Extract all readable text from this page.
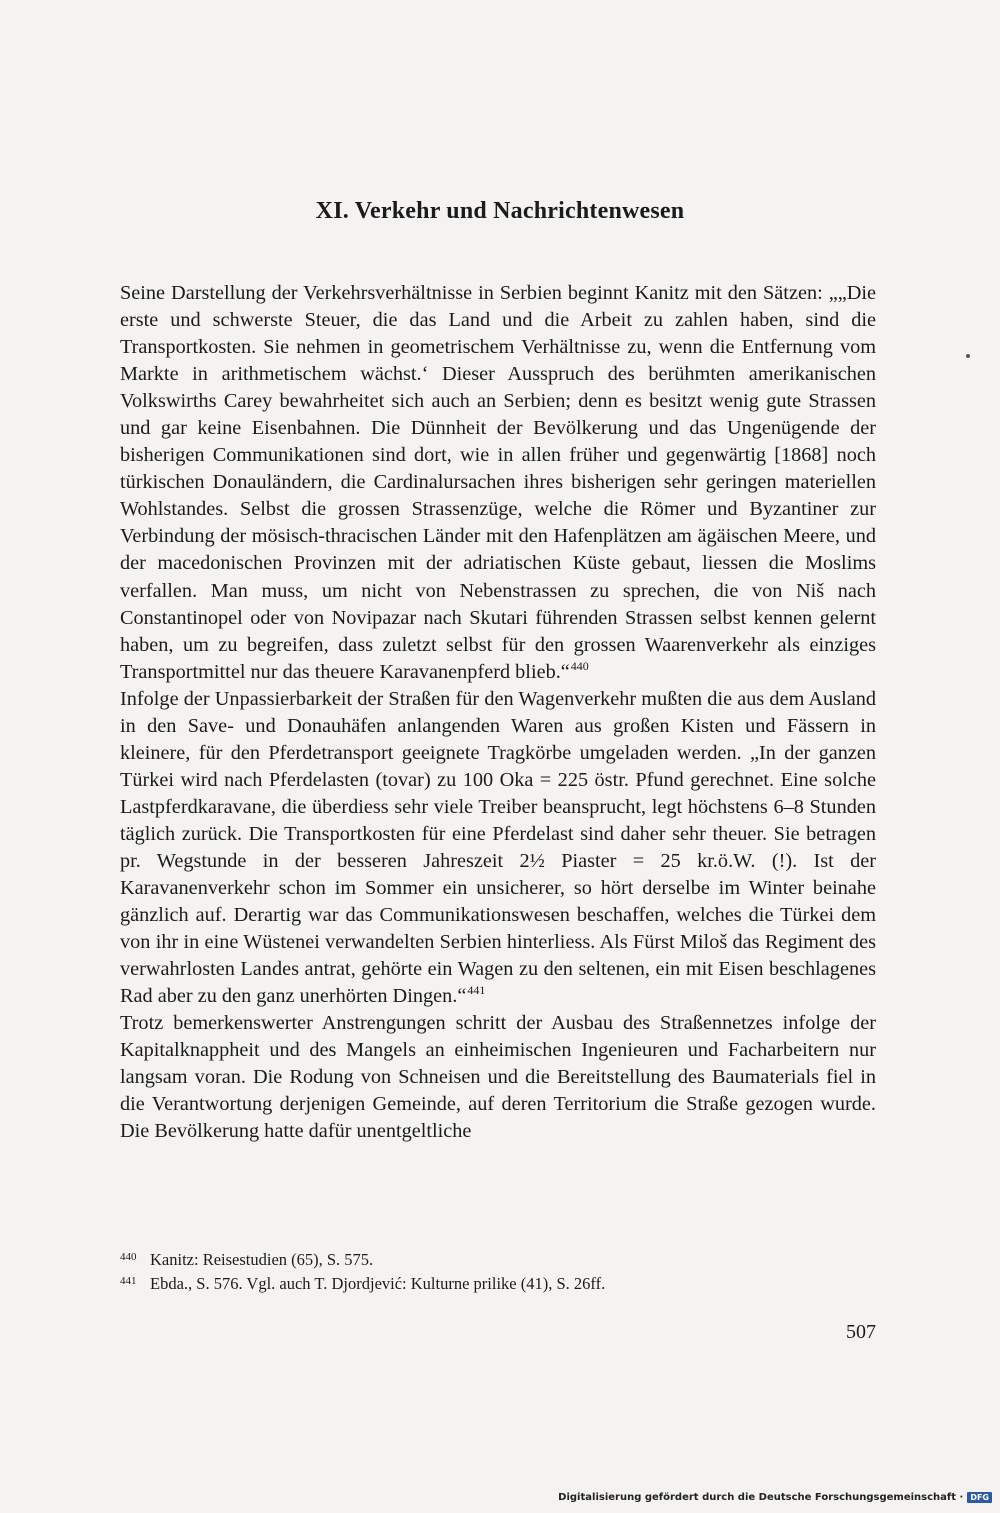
XI. Verkehr und Nachrichtenwesen

Seine Darstellung der Verkehrsverhältnisse in Serbien beginnt Kanitz mit den Sätzen: „„Die erste und schwerste Steuer, die das Land und die Arbeit zu zahlen haben, sind die Transportkosten. Sie nehmen in geometrischem Verhältnisse zu, wenn die Entfernung vom Markte in arithmetischem wächst.‘ Dieser Ausspruch des berühmten amerikanischen Volkswirths Carey bewahrheitet sich auch an Serbien; denn es besitzt wenig gute Strassen und gar keine Eisenbahnen. Die Dünnheit der Bevölkerung und das Ungenügende der bisherigen Communikationen sind dort, wie in allen früher und gegenwärtig [1868] noch türkischen Donauländern, die Cardinalursachen ihres bisherigen sehr geringen materiellen Wohlstandes. Selbst die grossen Strassenzüge, welche die Römer und Byzantiner zur Verbindung der mösisch-thracischen Länder mit den Hafenplätzen am ägäischen Meere, und der macedonischen Provinzen mit der adriatischen Küste gebaut, liessen die Moslims verfallen. Man muss, um nicht von Nebenstrassen zu sprechen, die von Niš nach Constantinopel oder von Novipazar nach Skutari führenden Strassen selbst kennen gelernt haben, um zu begreifen, dass zuletzt selbst für den grossen Waarenverkehr als einziges Transportmittel nur das theuere Karavanenpferd blieb.“$^{440}$

Infolge der Unpassierbarkeit der Straßen für den Wagenverkehr mußten die aus dem Ausland in den Save- und Donauhäfen anlangenden Waren aus großen Kisten und Fässern in kleinere, für den Pferdetransport geeignete Tragkörbe umgeladen werden. „In der ganzen Türkei wird nach Pferdelasten (tovar) zu 100 Oka = 225 östr. Pfund gerechnet. Eine solche Lastpferdkaravane, die überdiess sehr viele Treiber beansprucht, legt höchstens 6–8 Stunden täglich zurück. Die Transportkosten für eine Pferdelast sind daher sehr theuer. Sie betragen pr. Wegstunde in der besseren Jahreszeit 2½ Piaster = 25 kr.ö.W. (!). Ist der Karavanenverkehr schon im Sommer ein unsicherer, so hört derselbe im Winter beinahe gänzlich auf. Derartig war das Communikationswesen beschaffen, welches die Türkei dem von ihr in eine Wüstenei verwandelten Serbien hinterliess. Als Fürst Miloš das Regiment des verwahrlosten Landes antrat, gehörte ein Wagen zu den seltenen, ein mit Eisen beschlagenes Rad aber zu den ganz unerhörten Dingen.“$^{441}$

Trotz bemerkenswerter Anstrengungen schritt der Ausbau des Straßennetzes infolge der Kapitalknappheit und des Mangels an einheimischen Ingenieuren und Facharbeitern nur langsam voran. Die Rodung von Schneisen und die Bereitstellung des Baumaterials fiel in die Verantwortung derjenigen Gemeinde, auf deren Territorium die Straße gezogen wurde. Die Bevölkerung hatte dafür unentgeltliche

440 Kanitz: Reisestudien (65), S. 575.
441 Ebda., S. 576. Vgl. auch T. Djordjević: Kulturne prilike (41), S. 26ff.
507
Digitalisierung gefördert durch die Deutsche Forschungsgemeinschaft · DFG
